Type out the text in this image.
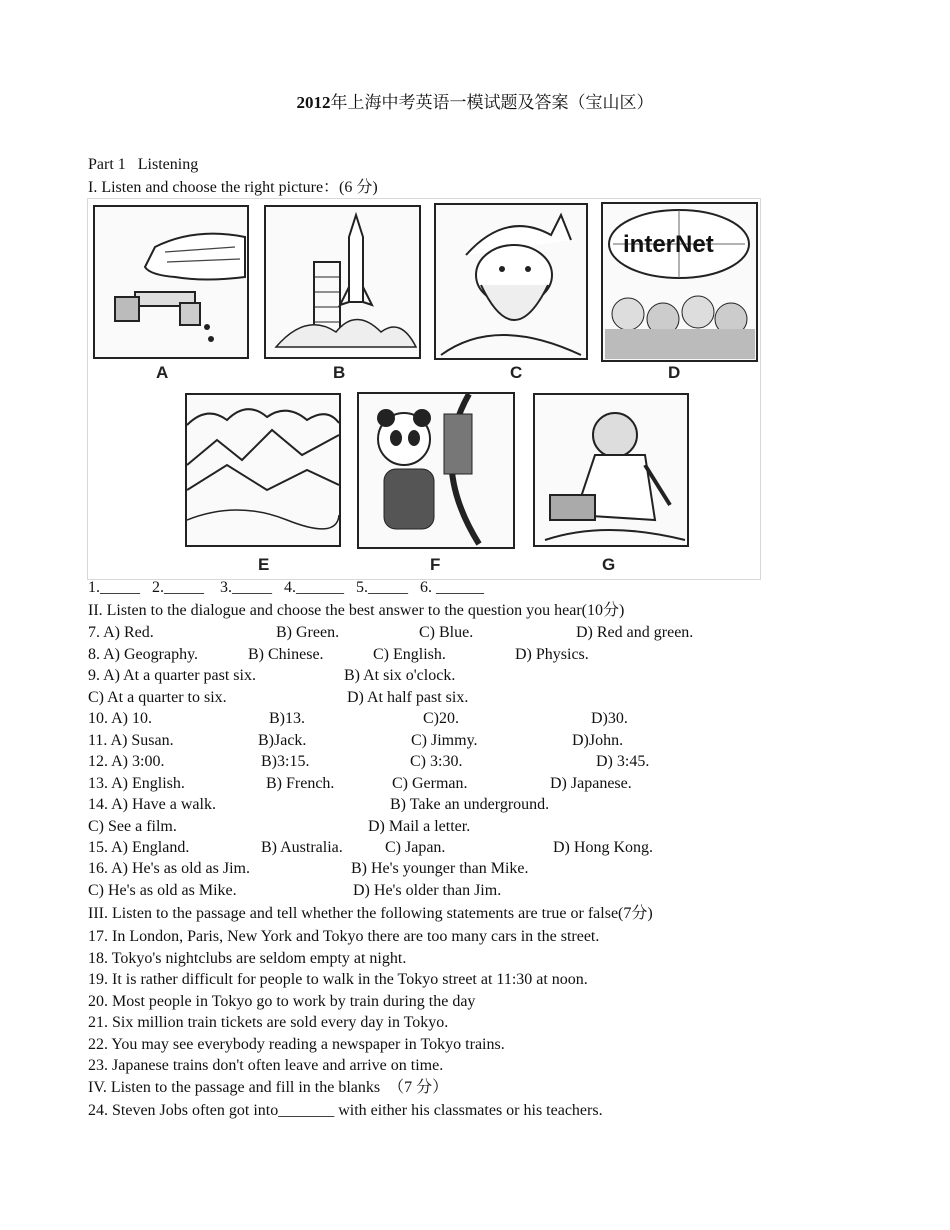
2012年上海中考英语一模试题及答案（宝山区）
Part 1   Listening
I. Listen and choose the right picture：(6 分)
A	B	C
interNet
D
E	F	G
1._____   2._____    3._____   4.______   5._____   6. ______
II. Listen to the dialogue and choose the best answer to the question you hear(10分)
7. A) Red.	B) Green.	C) Blue.	D) Red and green.
8. A) Geography.	B) Chinese.	C) English.	D) Physics.
9. A) At a quarter past six.	B) At six o'clock.
C) At a quarter to six.	D) At half past six.
10. A) 10.	B)13.	C)20.	D)30.
11. A) Susan.	B)Jack.	C) Jimmy.	D)John.
12. A) 3:00.	B)3:15.	C) 3:30.	D) 3:45.
13. A) English.	B) French.	C) German.	D) Japanese.
14. A) Have a walk.	B) Take an underground.
C) See a film.	D) Mail a letter.
15. A) England.	B) Australia.	C) Japan.	D) Hong Kong.
16. A) He's as old as Jim.	B) He's younger than Mike.
C) He's as old as Mike.	D) He's older than Jim.
III. Listen to the passage and tell whether the following statements are true or false(7分)
17. In London, Paris, New York and Tokyo there are too many cars in the street.
18. Tokyo's nightclubs are seldom empty at night.
19. It is rather difficult for people to walk in the Tokyo street at 11:30 at noon.
20. Most people in Tokyo go to work by train during the day
21. Six million train tickets are sold every day in Tokyo.
22. You may see everybody reading a newspaper in Tokyo trains.
23. Japanese trains don't often leave and arrive on time.
IV. Listen to the passage and fill in the blanks  （7 分）
24. Steven Jobs often got into_______ with either his classmates or his teachers.
